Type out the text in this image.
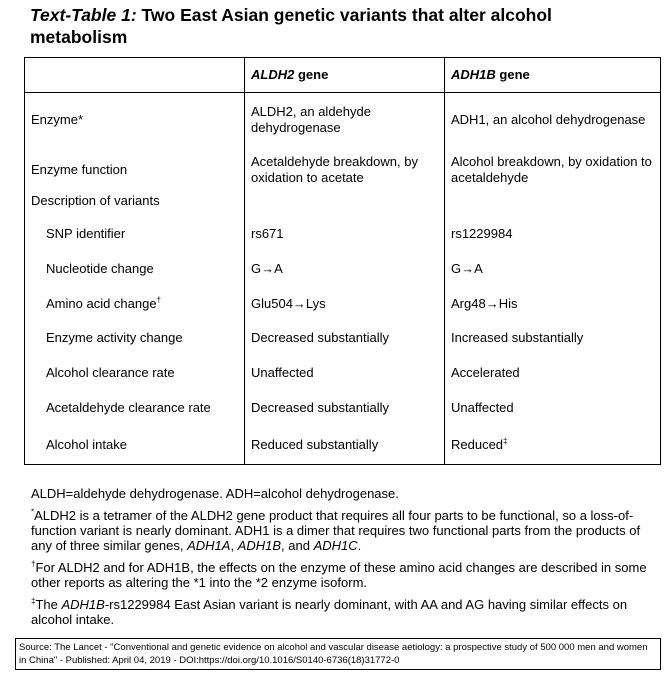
Text-Table 1: Two East Asian genetic variants that alter alcohol metabolism
	ALDH2 gene	ADH1B gene
Enzyme*	ALDH2, an aldehyde dehydrogenase	ADH1, an alcohol dehydrogenase
Enzyme function	Acetaldehyde breakdown, by oxidation to acetate	Alcohol breakdown, by oxidation to acetaldehyde
Description of variants		
SNP identifier	rs671	rs1229984
Nucleotide change	G→A	G→A
Amino acid change†	Glu504→Lys	Arg48→His
Enzyme activity change	Decreased substantially	Increased substantially
Alcohol clearance rate	Unaffected	Accelerated
Acetaldehyde clearance rate	Decreased substantially	Unaffected
Alcohol intake	Reduced substantially	Reduced‡

ALDH=aldehyde dehydrogenase. ADH=alcohol dehydrogenase.

*ALDH2 is a tetramer of the ALDH2 gene product that requires all four parts to be functional, so a loss-of-function variant is nearly dominant. ADH1 is a dimer that requires two functional parts from the products of any of three similar genes, ADH1A, ADH1B, and ADH1C.

†For ALDH2 and for ADH1B, the effects on the enzyme of these amino acid changes are described in some other reports as altering the *1 into the *2 enzyme isoform.

‡The ADH1B-rs1229984 East Asian variant is nearly dominant, with AA and AG having similar effects on alcohol intake.

Source: The Lancet - "Conventional and genetic evidence on alcohol and vascular disease aetiology: a prospective study of 500 000 men and women in China" - Published: April 04, 2019 - DOI:https://doi.org/10.1016/S0140-6736(18)31772-0
